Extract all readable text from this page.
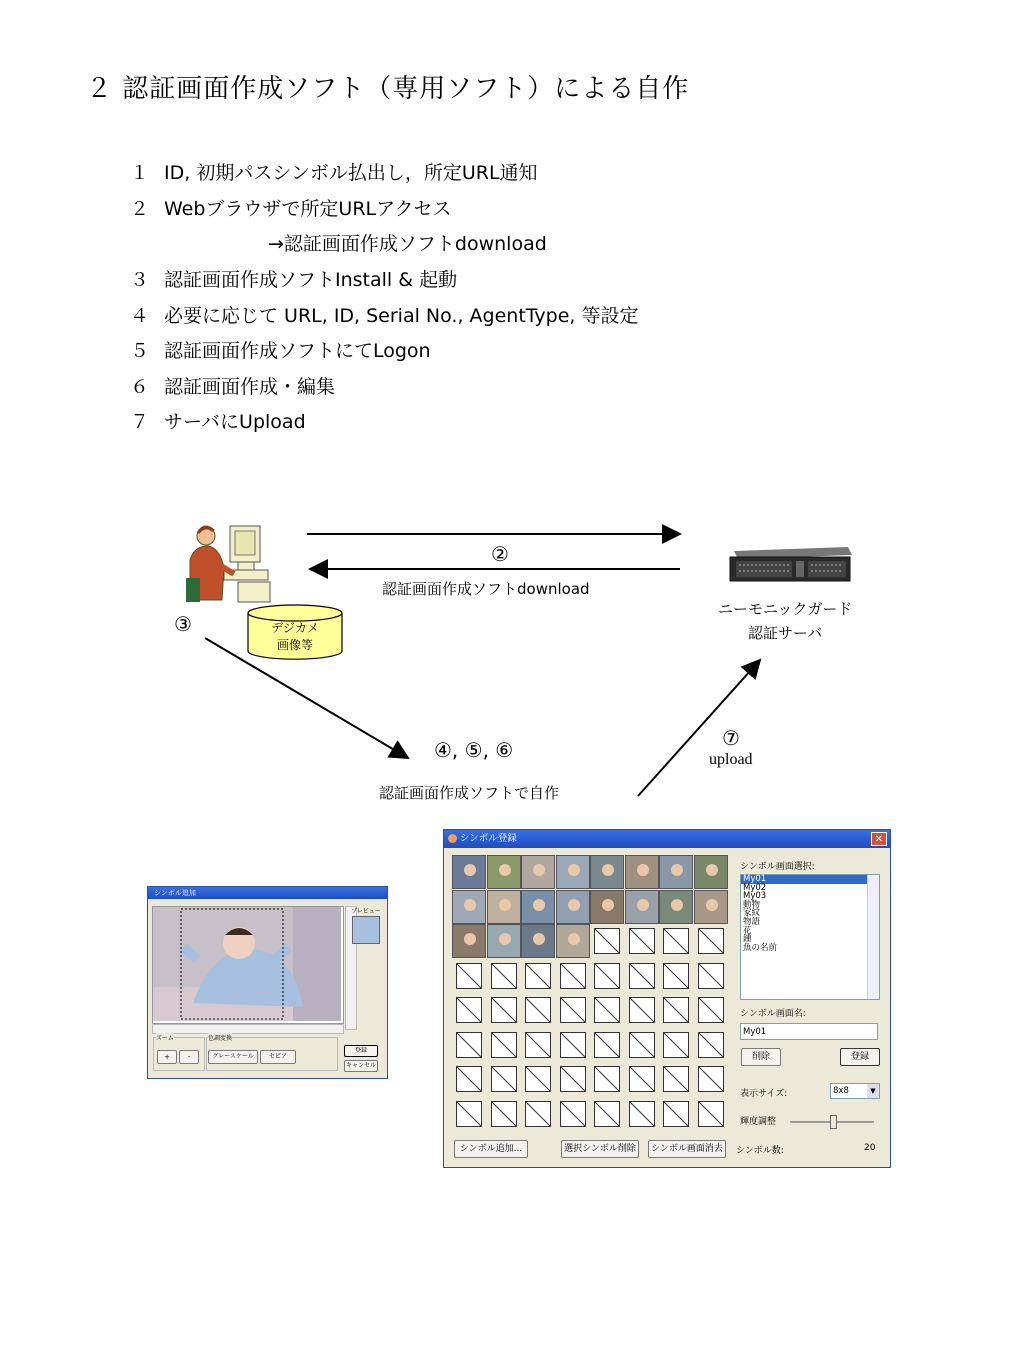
２ 認証画面作成ソフト（専用ソフト）による自作
１ ID, 初期パスシンボル払出し，所定URL通知
２ Webブラウザで所定URLアクセス
→認証画面作成ソフトdownload
３ 認証画面作成ソフトInstall & 起動
４ 必要に応じて URL, ID, Serial No., AgentType, 等設定
５ 認証画面作成ソフトにてLogon
６ 認証画面作成・編集
７ サーバにUpload
②
認証画面作成ソフトdownload
ニーモニックガード
認証サーバ
③	デジカメ
画像等
④, ⑤, ⑥
認証画面作成ソフトで自作
⑦
upload
シンボル追加
プレビュー
ズーム
+	-
色調変換
グレースケール	セピア
登録
キャンセル
シンボル登録	✕
シンボル画面選択:
My01
My02
My03
動物
家紋
物語
花
鍾
魚の名前
シンボル画面名:
My01
削除	登録
表示サイズ:	8x8	▼
輝度調整
シンボル追加...	選択シンボル削除	シンボル画面消去	シンボル数:	20
